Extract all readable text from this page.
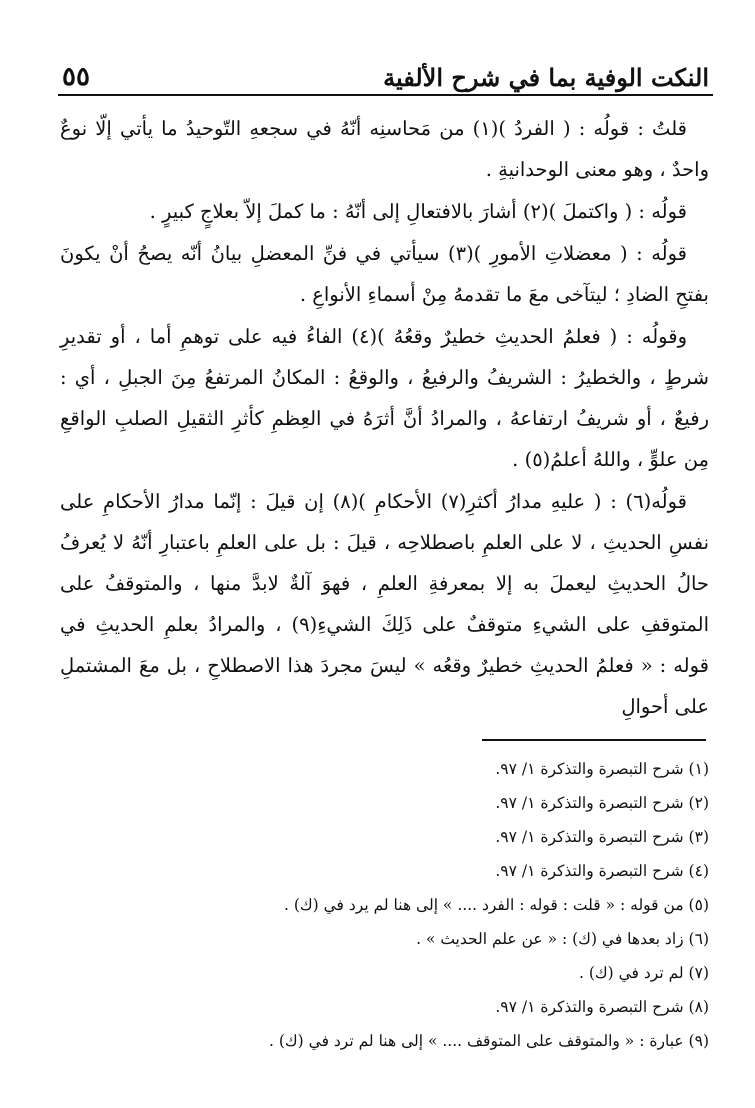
٥٥	النكت الوفية بما في شرح الألفية

قلتُ : قولُه : ( الفردُ )(١) من مَحاسنِه أنّهُ في سجعهِ التّوحيدُ ما يأتي إلّا نوعٌ واحدٌ ، وهو معنى الوحدانيةِ .

قولُه : ( واكتملَ )(٢) أشارَ بالافتعالِ إلى أنّهُ : ما كملَ إلاّ بعلاجٍ كبيرٍ .

قولُه : ( معضلاتِ الأمورِ )(٣) سيأتي في فنِّ المعضلِ بيانُ أنّه يصحُ أنْ يكونَ بفتحِ الضادِ ؛ ليتآخى معَ ما تقدمهُ مِنْ أسماءِ الأنواعِ .

وقولُه : ( فعلمُ الحديثِ خطيرٌ وقعُهُ )(٤) الفاءُ فيه على توهمِ أما ، أو تقديرِ شرطٍ ، والخطيرُ : الشريفُ والرفيعُ ، والوقعُ : المكانُ المرتفعُ مِنَ الجبلِ ، أي : رفيعٌ ، أو شريفُ ارتفاعهُ ، والمرادُ أنَّ أثرَهُ في العِظمِ كأثرِ الثقيلِ الصلبِ الواقعِ مِن علوٍّ ، واللهُ أعلمُ(٥) .

قولُه(٦) : ( عليهِ مدارُ أكثرِ(٧) الأحكامِ )(٨) إن قيلَ : إنّما مدارُ الأحكامِ على نفسِ الحديثِ ، لا على العلمِ باصطلاحِه ، قيلَ : بل على العلمِ باعتبارِ أنّهُ لا يُعرفُ حالُ الحديثِ ليعملَ به إلا بمعرفةِ العلمِ ، فهوَ آلةٌ لابدَّ منها ، والمتوقفُ على المتوقفِ على الشيءِ متوقفٌ على ذَلِكَ الشيءِ(٩) ، والمرادُ بعلمِ الحديثِ في قوله : « فعلمُ الحديثِ خطيرٌ وقعُه » ليسَ مجردَ هذا الاصطلاحِ ، بل معَ المشتملِ على أحوالِ

(١) شرح التبصرة والتذكرة ١/ ٩٧.

(٢) شرح التبصرة والتذكرة ١/ ٩٧.

(٣) شرح التبصرة والتذكرة ١/ ٩٧.

(٤) شرح التبصرة والتذكرة ١/ ٩٧.

(٥) من قوله : « قلت : قوله : الفرد .... » إلى هنا لم يرد في (ك) .

(٦) زاد بعدها في (ك) : « عن علم الحديث » .

(٧) لم ترد في (ك) .

(٨) شرح التبصرة والتذكرة ١/ ٩٧.

(٩) عبارة : « والمتوقف على المتوقف .... » إلى هنا لم ترد في (ك) .
